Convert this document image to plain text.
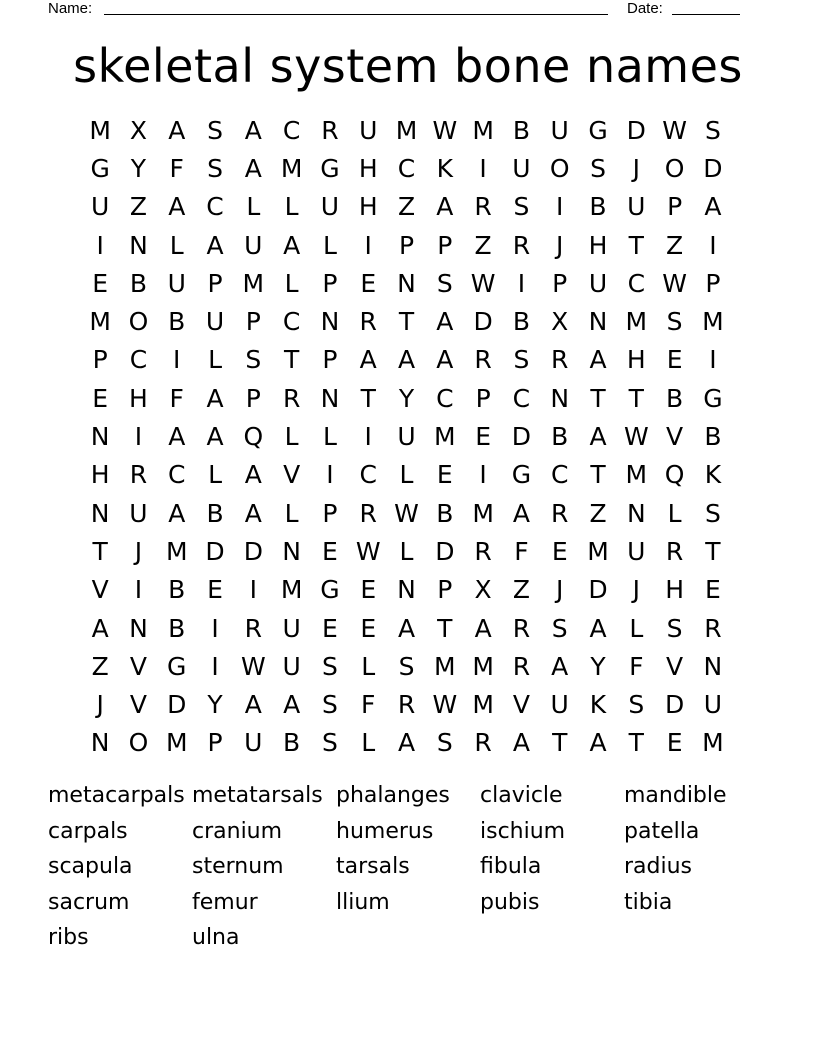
Name:	Date:
skeletal system bone names
M X A S A C R U M W M B U G D W S
G Y F S A M G H C K	I	U O S	J O D
U Z A C L L U H Z A R S	I	B U P A
I	N L A U A L	I	P P Z R	J	H T Z	I
E B U P M L P E N S W I	P U C W P
M O B U P C N R T A D B X N M S M
P C	I	L S T P A A A R S R A H E	I
E H F A P R N T Y C P C N T T B G
N	I	A A Q L L	I	U M E D B A W V B
H R C L A V	I	C L E	I G C T M Q K
N U A B A L P R W B M A R Z N L S
T	J M D D N E W L D R F E M U R T
V	I	B E	I M G E N P X Z	J D J	H E
A N B	I	R U E E A T A R S A L S R
Z V G I W U S L S M M R A Y F V N
J	V D Y A A S F R W M V U K S D U
N O M P U B S L A S R A T A T E M
metacarpals metatarsals phalanges	clavicle	mandible
carpals	cranium	humerus	ischium	patella
scapula	sternum	tarsals	fibula	radius
sacrum	femur	llium	pubis	tibia
ribs	ulna
